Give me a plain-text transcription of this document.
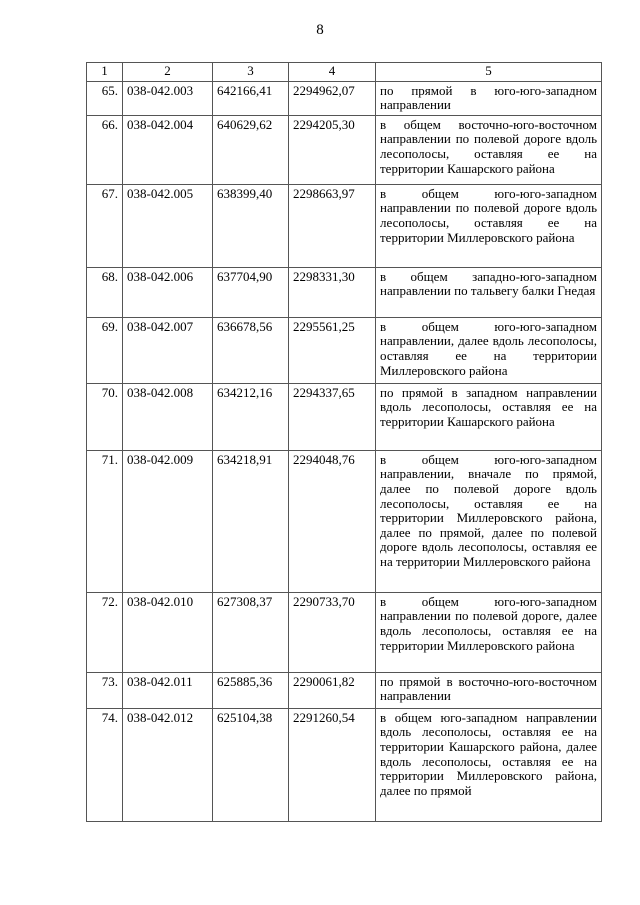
8
1	2	3	4	5
65.	038-042.003	642166,41	2294962,07	по прямой в юго-юго-западном направлении
66.	038-042.004	640629,62	2294205,30	в общем восточно-юго-восточном направлении по полевой дороге вдоль лесополосы, оставляя ее на территории Кашарского района
67.	038-042.005	638399,40	2298663,97	в общем юго-юго-западном направлении по полевой дороге вдоль лесополосы, оставляя ее на территории Миллеровского района
68.	038-042.006	637704,90	2298331,30	в общем западно-юго-западном направлении по тальвегу балки Гнедая
69.	038-042.007	636678,56	2295561,25	в общем юго-юго-западном направлении, далее вдоль лесополосы, оставляя ее на территории Миллеровского района
70.	038-042.008	634212,16	2294337,65	по прямой в западном направлении вдоль лесополосы, оставляя ее на территории Кашарского района
71.	038-042.009	634218,91	2294048,76	в общем юго-юго-западном направлении, вначале по прямой, далее по полевой дороге вдоль лесополосы, оставляя ее на территории Миллеровского района, далее по прямой, далее по полевой дороге вдоль лесополосы, оставляя ее на территории Миллеровского района
72.	038-042.010	627308,37	2290733,70	в общем юго-юго-западном направлении по полевой дороге, далее вдоль лесополосы, оставляя ее на территории Миллеровского района
73.	038-042.011	625885,36	2290061,82	по прямой в восточно-юго-восточном направлении
74.	038-042.012	625104,38	2291260,54	в общем юго-западном направлении вдоль лесополосы, оставляя ее на территории Кашарского района, далее вдоль лесополосы, оставляя ее на территории Миллеровского района, далее по прямой
